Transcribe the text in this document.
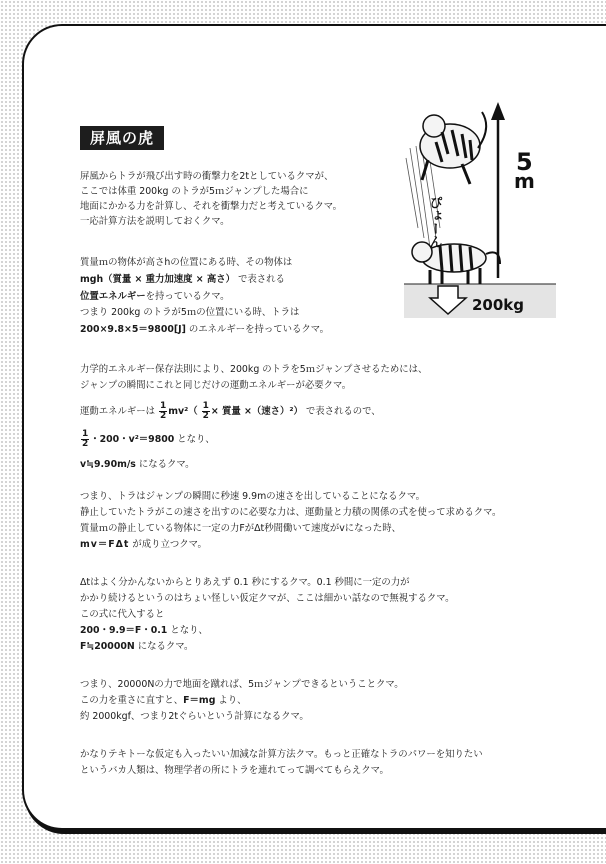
5
m
ぴょーん
200kg
屏風の虎
屏風からトラが飛び出す時の衝撃力を2tとしているクマが、
ここでは体重 200kg のトラが5ｍジャンプした場合に
地面にかかる力を計算し、それを衝撃力だと考えているクマ。
一応計算方法を説明しておくクマ。
質量ｍの物体が高さhの位置にある時、その物体は
mgh（質量 × 重力加速度 × 高さ） で表される
位置エネルギーを持っているクマ。
つまり 200kg のトラが5ｍの位置にいる時、トラは
200×9.8×5＝9800[J] のエネルギーを持っているクマ。
力学的エネルギー保存法則により、200kg のトラを5ｍジャンプさせるためには、
ジャンプの瞬間にこれと同じだけの運動エネルギーが必要クマ。
運動エネルギーは $\frac{1}{2} mv^2( \frac{1}{2}$ × 質量 ×（速さ）²） で表されるので、
$\frac{1}{2}$ ・200・v²＝9800 となり、
v≒9.90m/s になるクマ。
つまり、トラはジャンプの瞬間に秒速 9.9mの速さを出していることになるクマ。
静止していたトラがこの速さを出すのに必要な力は、運動量と力積の関係の式を使って求めるクマ。
質量ｍの静止している物体に一定の力FがΔt秒間働いて速度がvになった時、
mv＝FΔt が成り立つクマ。
Δtはよく分かんないからとりあえず 0.1 秒にするクマ。0.1 秒間に一定の力が
かかり続けるというのはちょい怪しい仮定クマが、ここは細かい話なので無視するクマ。
この式に代入すると
200・9.9＝F・0.1 となり、
F≒20000N になるクマ。
つまり、20000Nの力で地面を蹴れば、5ｍジャンプできるということクマ。
この力を重さに直すと、F＝mg より、
約 2000kgf、つまり2tぐらいという計算になるクマ。
かなりテキトーな仮定も入ったいい加減な計算方法クマ。もっと正確なトラのパワーを知りたい
というバカ人類は、物理学者の所にトラを連れてって調べてもらえクマ。
